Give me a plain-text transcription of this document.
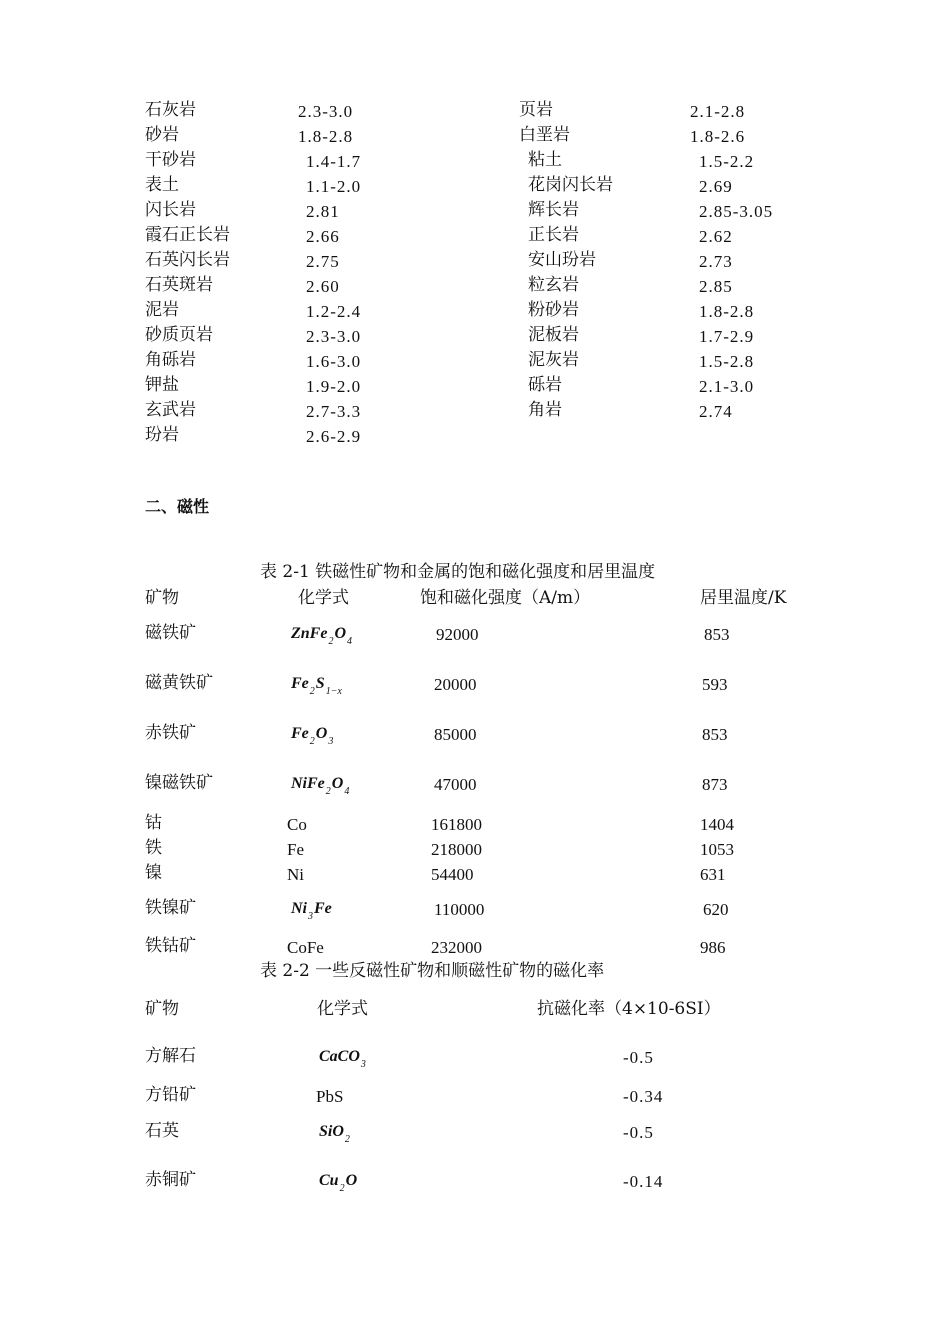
石灰岩	2.3-3.0
砂岩	1.8-2.8
干砂岩	1.4-1.7
表土	1.1-2.0
闪长岩	2.81
霞石正长岩	2.66
石英闪长岩	2.75
石英斑岩	2.60
泥岩	1.2-2.4
砂质页岩	2.3-3.0
角砾岩	1.6-3.0
钾盐	1.9-2.0
玄武岩	2.7-3.3
玢岩	2.6-2.9
页岩	2.1-2.8
白垩岩	1.8-2.6
粘土	1.5-2.2
花岗闪长岩	2.69
辉长岩	2.85-3.05
正长岩	2.62
安山玢岩	2.73
粒玄岩	2.85
粉砂岩	1.8-2.8
泥板岩	1.7-2.9
泥灰岩	1.5-2.8
砾岩	2.1-3.0
角岩	2.74
二、磁性
表 2-1 铁磁性矿物和金属的饱和磁化强度和居里温度
矿物	化学式	饱和磁化强度（A/m）	居里温度/K
磁铁矿	$ZnFe_2O_4$	92000	853
磁黄铁矿	$Fe_2S_{1-x}$	20000	593
赤铁矿	$Fe_2O_3$	85000	853
镍磁铁矿	$NiFe_2O_4$	47000	873
钴	Co	161800	1404
铁	Fe	218000	1053
镍	Ni	54400	631
铁镍矿	$Ni_3Fe$	110000	620
铁钴矿	CoFe	232000	986
表 2-2 一些反磁性矿物和顺磁性矿物的磁化率
矿物	化学式	抗磁化率（4×10-6SI）
方解石	CaCO$_3$	-0.5
方铅矿	PbS	-0.34
石英	SiO$_2$	-0.5
赤铜矿	$Cu_2O$	-0.14
